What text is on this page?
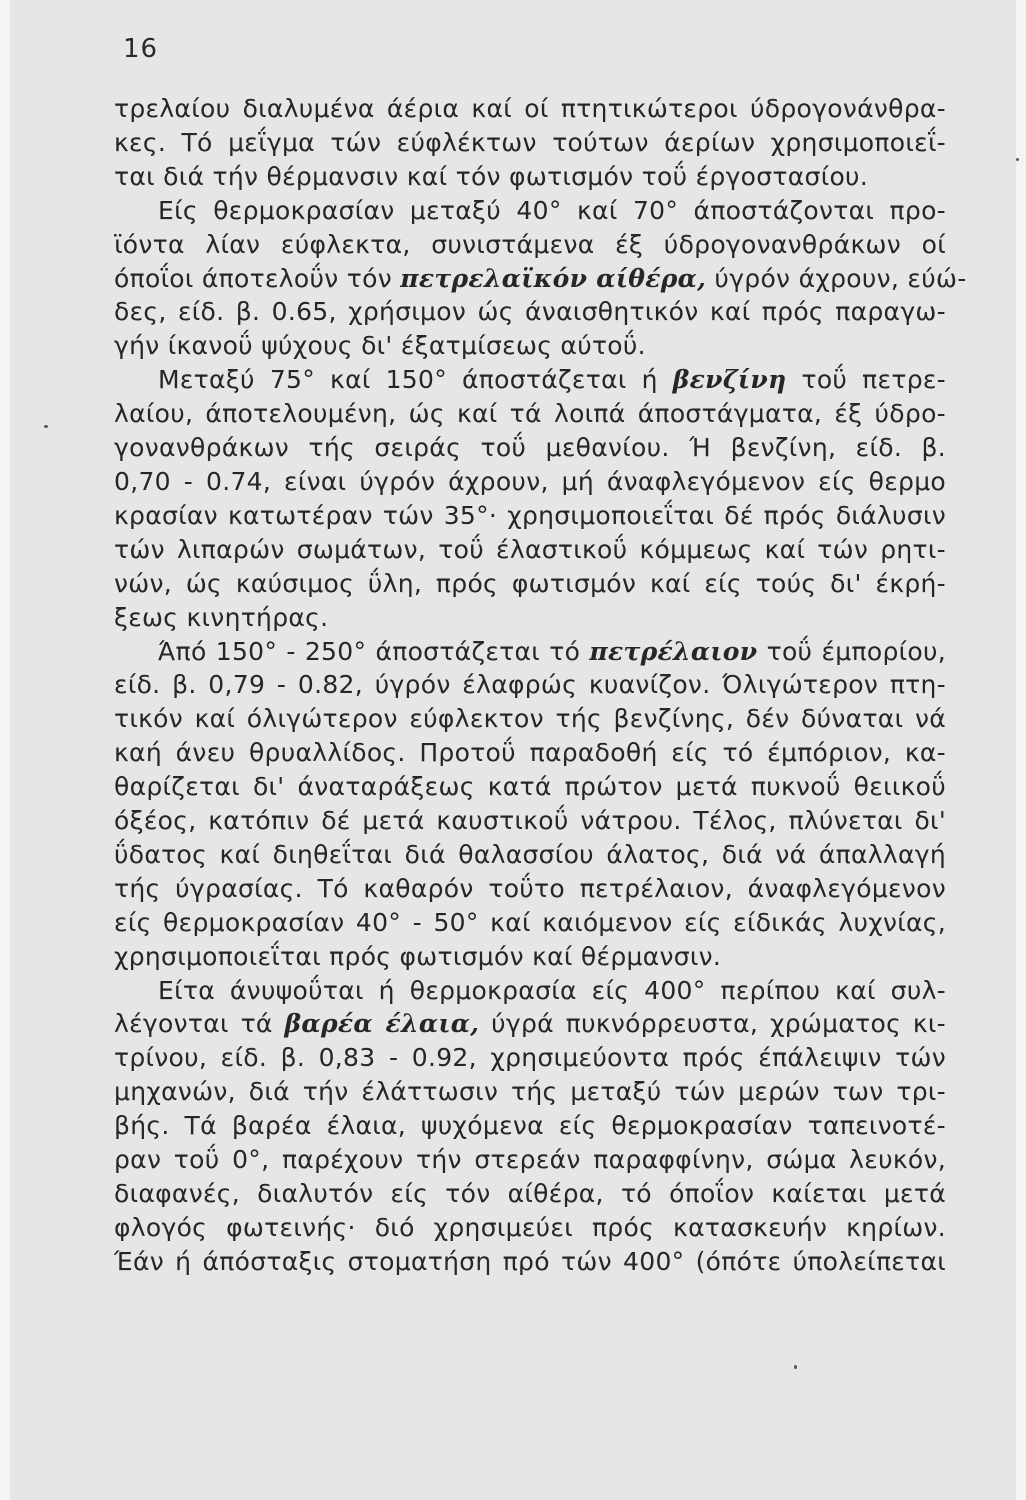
16
τρελαίου διαλυμένα άέρια καί οί πτητικώτεροι ύδρογονάνθρα-
κες. Τό μεΐγμα τών εύφλέκτων τούτων άερίων χρησιμοποιεΐ-
ται διά τήν θέρμανσιν καί τόν φωτισμόν τοΰ έργοστασίου.
Είς θερμοκρασίαν μεταξύ 40° καί 70° άποστάζονται προ-
ϊόντα λίαν εύφλεκτα, συνιστάμενα έξ ύδρογονανθράκων οί
όποΐοι άποτελοΰν τόν πετρελαϊκόν αίθέρα, ύγρόν άχρουν, εύώ-
δες, είδ. β. 0.65, χρήσιμον ώς άναισθητικόν καί πρός παραγω-
γήν ίκανοΰ ψύχους δι' έξατμίσεως αύτοΰ.
Μεταξύ 75° καί 150° άποστάζεται ή βενζίνη τοΰ πετρε-
λαίου, άποτελουμένη, ώς καί τά λοιπά άποστάγματα, έξ ύδρο-
γονανθράκων τής σειράς τοΰ μεθανίου. Ή βενζίνη, είδ. β.
0,70 - 0.74, είναι ύγρόν άχρουν, μή άναφλεγόμενον είς θερμο
κρασίαν κατωτέραν τών 35°· χρησιμοποιεΐται δέ πρός διάλυσιν
τών λιπαρών σωμάτων, τοΰ έλαστικοΰ κόμμεως καί τών ρητι-
νών, ώς καύσιμος ΰλη, πρός φωτισμόν καί είς τούς δι' έκρή-
ξεως κινητήρας.
Άπό 150° - 250° άποστάζεται τό πετρέλαιον τοΰ έμπορίου,
είδ. β. 0,79 - 0.82, ύγρόν έλαφρώς κυανίζον. Όλιγώτερον πτη-
τικόν καί όλιγώτερον εύφλεκτον τής βενζίνης, δέν δύναται νά
καή άνευ θρυαλλίδος. Προτοΰ παραδοθή είς τό έμπόριον, κα-
θαρίζεται δι' άναταράξεως κατά πρώτον μετά πυκνοΰ θειικοΰ
όξέος, κατόπιν δέ μετά καυστικοΰ νάτρου. Τέλος, πλύνεται δι'
ΰδατος καί διηθεΐται διά θαλασσίου άλατος, διά νά άπαλλαγή
τής ύγρασίας. Τό καθαρόν τοΰτο πετρέλαιον, άναφλεγόμενον
είς θερμοκρασίαν 40° - 50° καί καιόμενον είς είδικάς λυχνίας,
χρησιμοποιεΐται πρός φωτισμόν καί θέρμανσιν.
Είτα άνυψοΰται ή θερμοκρασία είς 400° περίπου καί συλ-
λέγονται τά βαρέα έλαια, ύγρά πυκνόρρευστα, χρώματος κι-
τρίνου, είδ. β. 0,83 - 0.92, χρησιμεύοντα πρός έπάλειψιν τών
μηχανών, διά τήν έλάττωσιν τής μεταξύ τών μερών των τρι-
βής. Τά βαρέα έλαια, ψυχόμενα είς θερμοκρασίαν ταπεινοτέ-
ραν τοΰ 0°, παρέχουν τήν στερεάν παραφφίνην, σώμα λευκόν,
διαφανές, διαλυτόν είς τόν αίθέρα, τό όποΐον καίεται μετά
φλογός φωτεινής· διό χρησιμεύει πρός κατασκευήν κηρίων.
Έάν ή άπόσταξις στοματήση πρό τών 400° (όπότε ύπολείπεται
